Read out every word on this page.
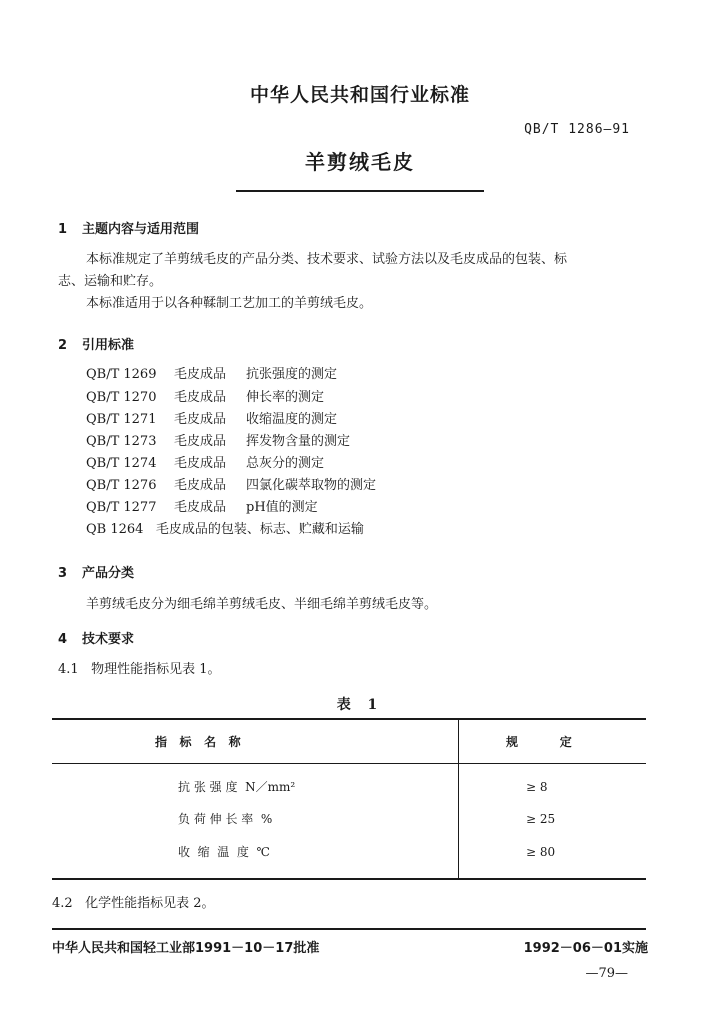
中华人民共和国行业标准
QB/T 1286—91
羊剪绒毛皮
1 主题内容与适用范围
本标准规定了羊剪绒毛皮的产品分类、技术要求、试验方法以及毛皮成品的包装、标
志、运输和贮存。
本标准适用于以各种鞣制工艺加工的羊剪绒毛皮。
2 引用标准
QB/T 1269 毛皮成品 抗张强度的测定
QB/T 1270 毛皮成品 伸长率的测定
QB/T 1271 毛皮成品 收缩温度的测定
QB/T 1273 毛皮成品 挥发物含量的测定
QB/T 1274 毛皮成品 总灰分的测定
QB/T 1276 毛皮成品 四氯化碳萃取物的测定
QB/T 1277 毛皮成品 pH值的测定
QB 1264   毛皮成品的包装、标志、贮藏和运输
3 产品分类
羊剪绒毛皮分为细毛绵羊剪绒毛皮、半细毛绵羊剪绒毛皮等。
4 技术要求
4.1   物理性能指标见表 1。
表 1
指   标   名   称	规          定
抗 张 强 度  N／mm²	≥ 8
负 荷 伸 长 率  %	≥ 25
收  缩  温  度  ℃	≥ 80
4.2   化学性能指标见表 2。
中华人民共和国轻工业部1991－10－17批准	1992－06－01实施
—79—
